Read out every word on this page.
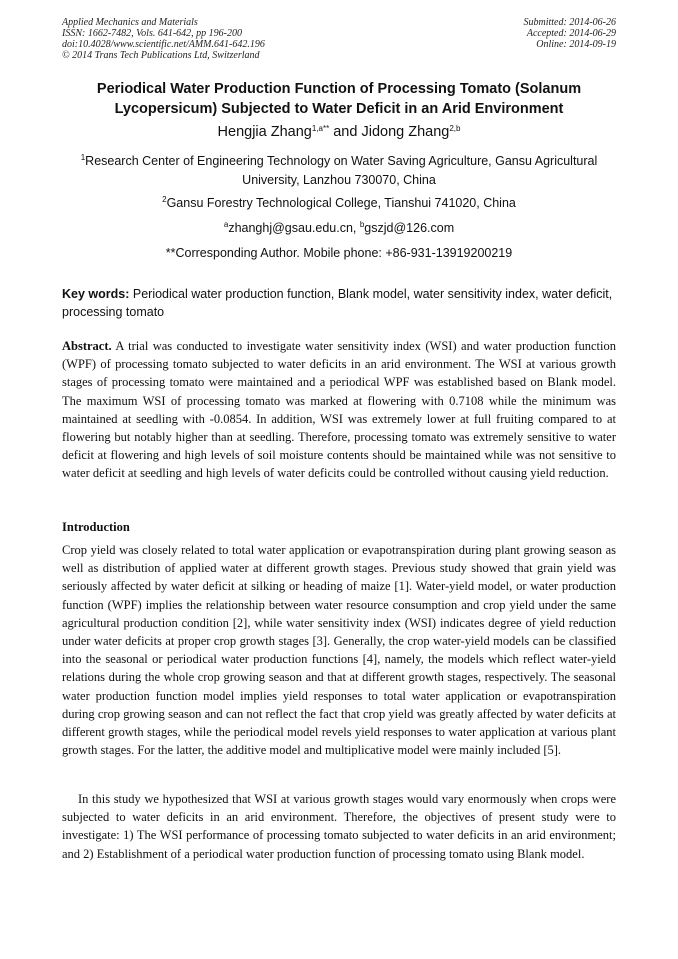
Applied Mechanics and Materials
ISSN: 1662-7482, Vols. 641-642, pp 196-200
doi:10.4028/www.scientific.net/AMM.641-642.196
© 2014 Trans Tech Publications Ltd, Switzerland
Submitted: 2014-06-26
Accepted: 2014-06-29
Online: 2014-09-19
Periodical Water Production Function of Processing Tomato (Solanum
Lycopersicum) Subjected to Water Deficit in an Arid Environment
Hengjia Zhang$^{1,a**}$ and Jidong Zhang$^{2,b}$
$^1$Research Center of Engineering Technology on Water Saving Agriculture, Gansu Agricultural University, Lanzhou 730070, China
$^2$Gansu Forestry Technological College, Tianshui 741020, China
$^a$zhanghj@gsau.edu.cn, $^b$gszjd@126.com
**Corresponding Author. Mobile phone: +86-931-13919200219
Key words: Periodical water production function, Blank model, water sensitivity index, water deficit, processing tomato
Abstract. A trial was conducted to investigate water sensitivity index (WSI) and water production function (WPF) of processing tomato subjected to water deficits in an arid environment. The WSI at various growth stages of processing tomato were maintained and a periodical WPF was established based on Blank model. The maximum WSI of processing tomato was marked at flowering with 0.7108 while the minimum was maintained at seedling with -0.0854. In addition, WSI was extremely lower at full fruiting compared to at flowering but notably higher than at seedling. Therefore, processing tomato was extremely sensitive to water deficit at flowering and high levels of soil moisture contents should be maintained while was not sensitive to water deficit at seedling and high levels of water deficits could be controlled without causing yield reduction.
Introduction
Crop yield was closely related to total water application or evapotranspiration during plant growing season as well as distribution of applied water at different growth stages. Previous study showed that grain yield was seriously affected by water deficit at silking or heading of maize [1]. Water-yield model, or water production function (WPF) implies the relationship between water resource consumption and crop yield under the same agricultural production condition [2], while water sensitivity index (WSI) indicates degree of yield reduction under water deficits at proper crop growth stages [3]. Generally, the crop water-yield models can be classified into the seasonal or periodical water production functions [4], namely, the models which reflect water-yield relations during the whole crop growing season and that at different growth stages, respectively. The seasonal water production function model implies yield responses to total water application or evapotranspiration during crop growing season and can not reflect the fact that crop yield was greatly affected by water deficits at different growth stages, while the periodical model revels yield responses to water application at various plant growth stages. For the latter, the additive model and multiplicative model were mainly included [5].
In this study we hypothesized that WSI at various growth stages would vary enormously when crops were subjected to water deficits in an arid environment. Therefore, the objectives of present study were to investigate: 1) The WSI performance of processing tomato subjected to water deficits in an arid environment; and 2) Establishment of a periodical water production function of processing tomato using Blank model.
